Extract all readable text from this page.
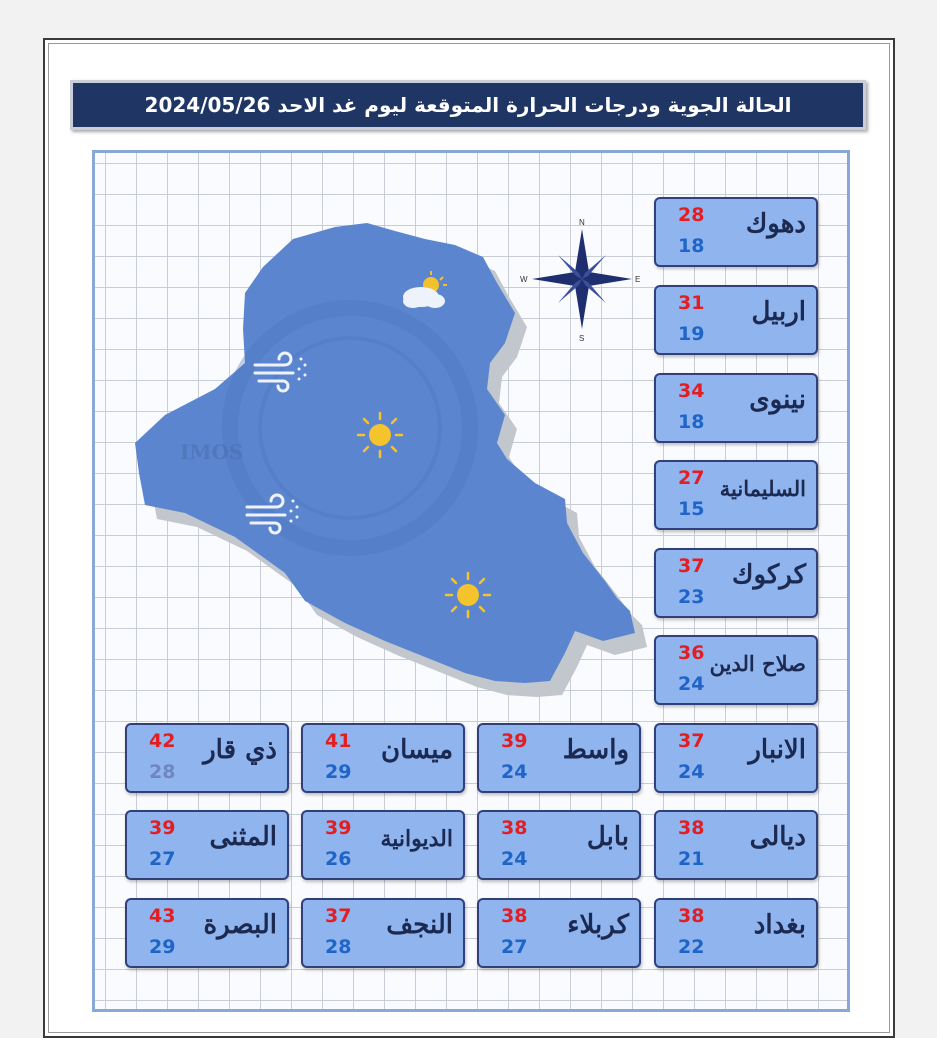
الحالة الجوية ودرجات الحرارة المتوقعة ليوم غد الاحد 2024/05/26
IMOS
N
S
E
W
دهوك
28
18
اربيل
31
19
نينوى
34
18
السليمانية
27
15
كركوك
37
23
صلاح الدين
36
24
الانبار
37
24
واسط
39
24
ميسان
41
29
ذي قار
42
28
ديالى
38
21
بابل
38
24
الديوانية
39
26
المثنى
39
27
بغداد
38
22
كربلاء
38
27
النجف
37
28
البصرة
43
29
